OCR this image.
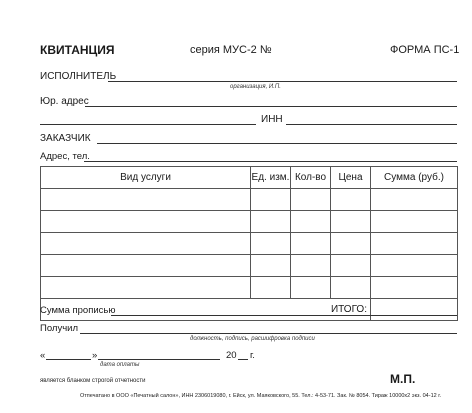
КВИТАНЦИЯ	серия МУС-2 №	ФОРМА ПС-1
ИСПОЛНИТЕЛЬ
организация, И.П.
Юр. адрес
ИНН
ЗАКАЗЧИК
Адрес, тел.
Вид услуги	Ед. изм.	Кол-во	Цена	Сумма (руб.)

ИТОГО:				
Сумма прописью
Получил
должность, подпись, расшифровка подписи
«	»	20 г.
дата оплаты
является бланком строгой отчетности	М.П.
Отпечатано в ООО «Печатный салон», ИНН 2306019080, г. Ейск, ул. Маяковского, 55. Тел.: 4-53-71. Зак. № 8054. Тираж 10000х2 экз. 04-12 г.
